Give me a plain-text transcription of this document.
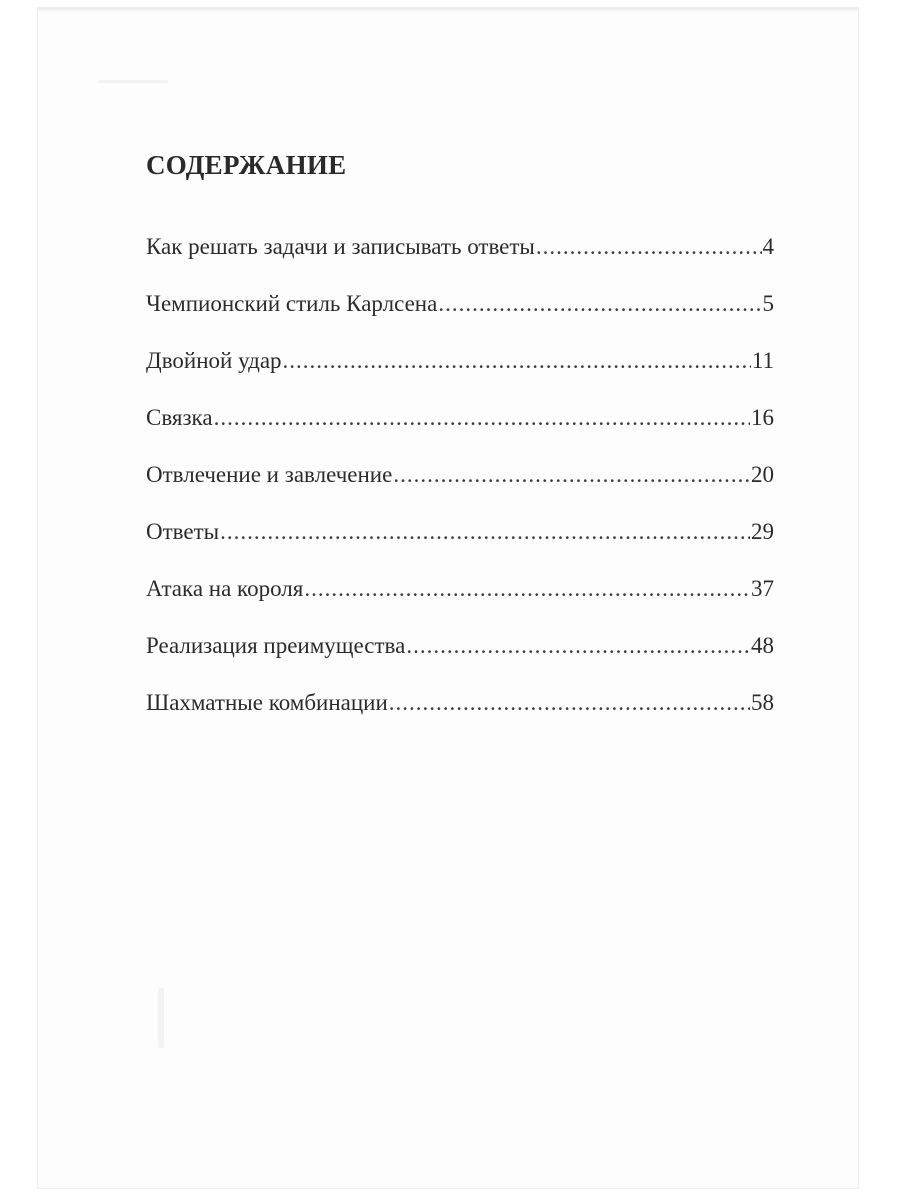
СОДЕРЖАНИЕ
Как решать задачи и записывать ответы .....	4
Чемпионский стиль Карлсена .....	5
Двойной удар .....	11
Связка .....	16
Отвлечение и завлечение .....	20
Ответы .....	29
Атака на короля .....	37
Реализация преимущества .....	48
Шахматные комбинации .....	58
